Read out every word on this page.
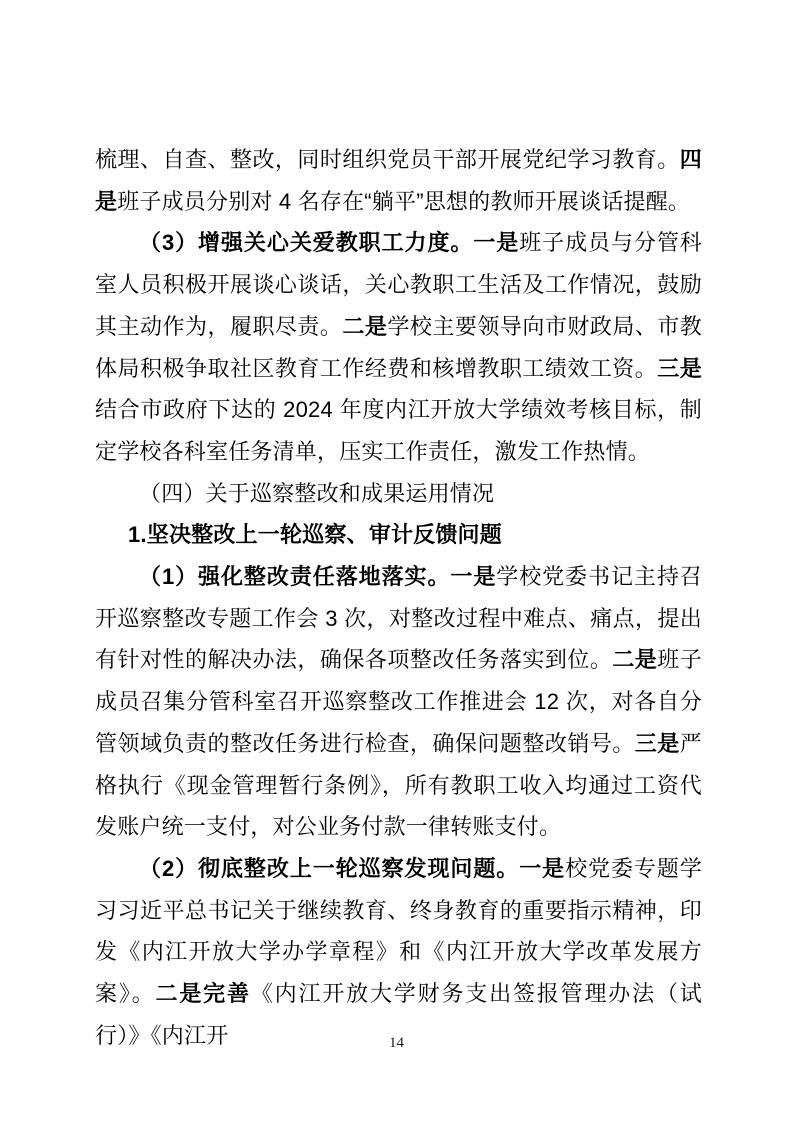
梳理、自查、整改，同时组织党员干部开展党纪学习教育。四是班子成员分别对 4 名存在“躺平”思想的教师开展谈话提醒。

（3）增强关心关爱教职工力度。一是班子成员与分管科室人员积极开展谈心谈话，关心教职工生活及工作情况，鼓励其主动作为，履职尽责。二是学校主要领导向市财政局、市教体局积极争取社区教育工作经费和核增教职工绩效工资。三是结合市政府下达的 2024 年度内江开放大学绩效考核目标，制定学校各科室任务清单，压实工作责任，激发工作热情。

（四）关于巡察整改和成果运用情况

1.坚决整改上一轮巡察、审计反馈问题

（1）强化整改责任落地落实。一是学校党委书记主持召开巡察整改专题工作会 3 次，对整改过程中难点、痛点，提出有针对性的解决办法，确保各项整改任务落实到位。二是班子成员召集分管科室召开巡察整改工作推进会 12 次，对各自分管领域负责的整改任务进行检查，确保问题整改销号。三是严格执行《现金管理暂行条例》，所有教职工收入均通过工资代发账户统一支付，对公业务付款一律转账支付。

（2）彻底整改上一轮巡察发现问题。一是校党委专题学习习近平总书记关于继续教育、终身教育的重要指示精神，印发《内江开放大学办学章程》和《内江开放大学改革发展方案》。二是完善《内江开放大学财务支出签报管理办法（试行）》《内江开	14
